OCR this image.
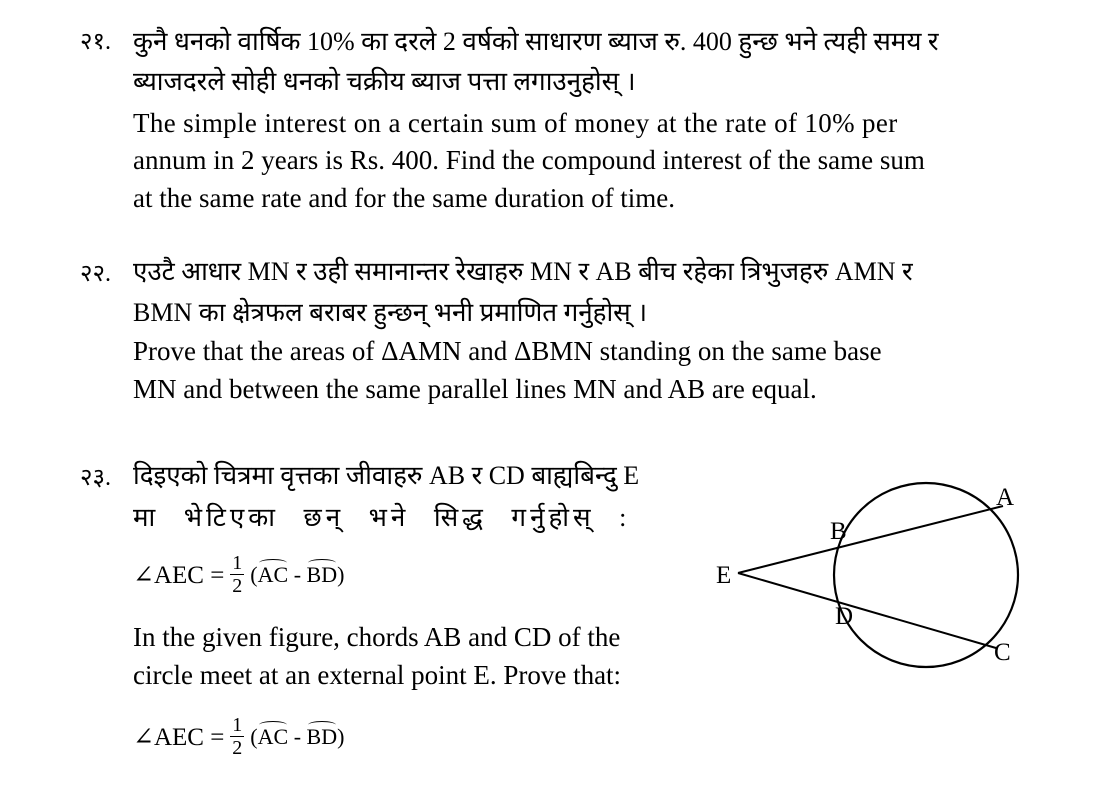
२१. कुनै धनको वार्षिक 10% का दरले 2 वर्षको साधारण ब्याज रु. 400 हुन्छ भने त्यही समय र
ब्याजदरले सोही धनको चक्रीय ब्याज पत्ता लगाउनुहोस् ।
The simple interest on a certain sum of money at the rate of 10% per
annum in 2 years is Rs. 400. Find the compound interest of the same sum
at the same rate and for the same duration of time.
२२. एउटै आधार MN र उही समानान्तर रेखाहरु MN र AB बीच रहेका त्रिभुजहरु AMN र
BMN का क्षेत्रफल बराबर हुन्छन् भनी प्रमाणित गर्नुहोस् ।
Prove that the areas of ΔAMN and ΔBMN standing on the same base
MN and between the same parallel lines MN and AB are equal.
२३. दिइएको चित्रमा वृत्तका जीवाहरु AB र CD बाह्यबिन्दु E
मा भेटिएका छन् भने सिद्ध गर्नुहोस् :
∠AEC = $\frac{1}{2}$ ( AC - BD )
In the given figure, chords AB and CD of the
circle meet at an external point E. Prove that:
∠AEC = $\frac{1}{2}$ ( AC - BD )
E
A
B
C
D
